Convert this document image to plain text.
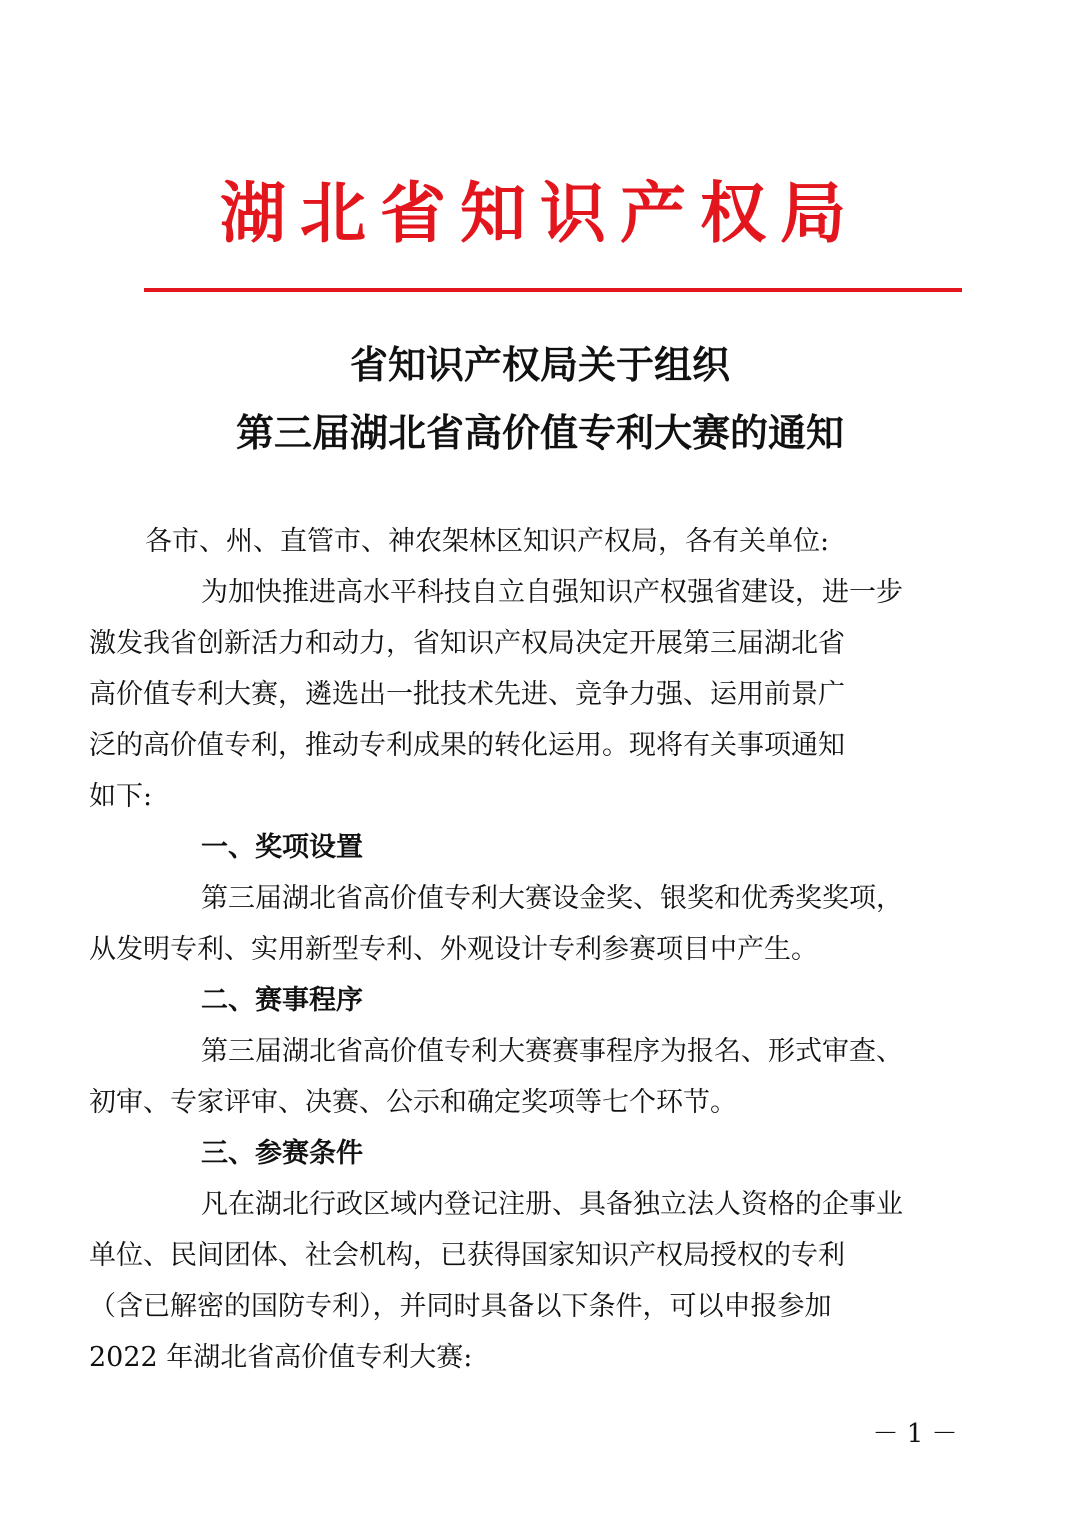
湖北省知识产权局
省知识产权局关于组织
第三届湖北省高价值专利大赛的通知

各市、州、直管市、神农架林区知识产权局，各有关单位:

为加快推进高水平科技自立自强知识产权强省建设，进一步
激发我省创新活力和动力，省知识产权局决定开展第三届湖北省
高价值专利大赛，遴选出一批技术先进、竞争力强、运用前景广
泛的高价值专利，推动专利成果的转化运用。现将有关事项通知
如下:

一、奖项设置

第三届湖北省高价值专利大赛设金奖、银奖和优秀奖奖项，
从发明专利、实用新型专利、外观设计专利参赛项目中产生。

二、赛事程序

第三届湖北省高价值专利大赛赛事程序为报名、形式审查、
初审、专家评审、决赛、公示和确定奖项等七个环节。

三、参赛条件

凡在湖北行政区域内登记注册、具备独立法人资格的企事业
单位、民间团体、社会机构，已获得国家知识产权局授权的专利
（含已解密的国防专利），并同时具备以下条件，可以申报参加
2022 年湖北省高价值专利大赛:

－ 1 －
